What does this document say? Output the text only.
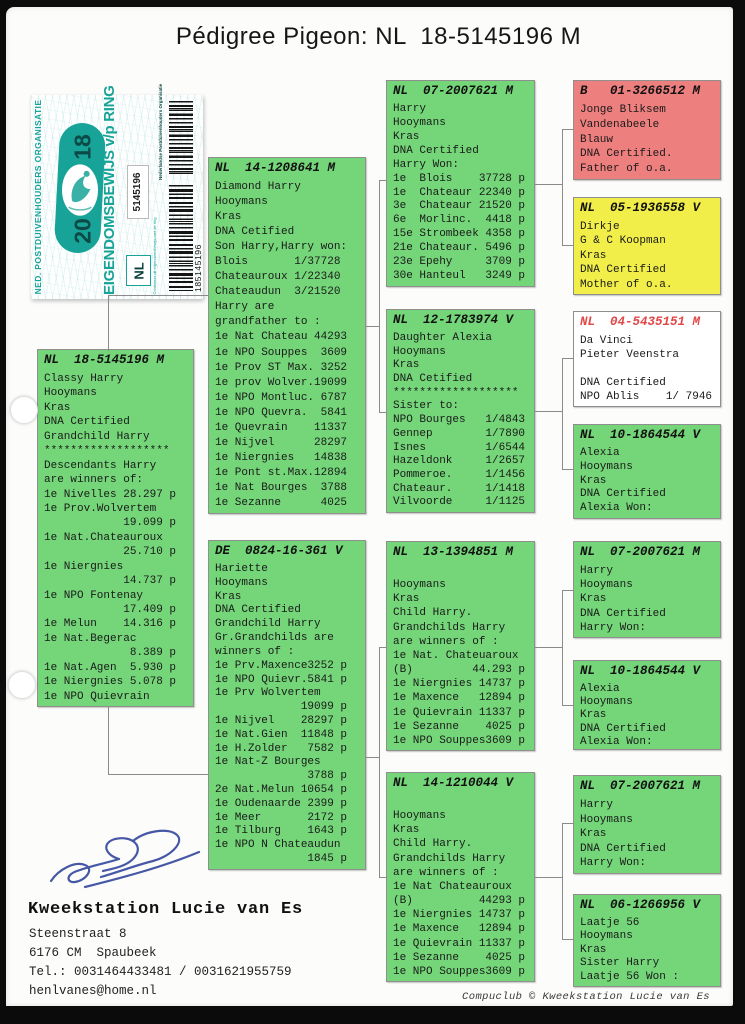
Pédigree Pigeon: NL  18-5145196 M
NED. POSTDUIVENHOUDERS ORGANISATIE 18
20 EIGENDOMSBEWIJS v/p RING	Nederlandse Postduivenhouders Organisatie
5145196
NL Controleer dit eigendomsbewijs met de ring	185145196
NL  18-5145196 M
Classy Harry
Hooymans
Kras
DNA Certified
Grandchild Harry
*******************
Descendants Harry
are winners of:
1e Nivelles 28.297 p
1e Prov.Wolvertem
19.099 p
1e Nat.Chateauroux
25.710 p
1e Niergnies
14.737 p
1e NPO Fontenay
17.409 p
1e Melun    14.316 p
1e Nat.Begerac
8.389 p
1e Nat.Agen  5.930 p
1e Niergnies 5.078 p
1e NPO Quievrain
NL  14-1208641 M
Diamond Harry
Hooymans
Kras
DNA Cetified
Son Harry,Harry won:
Blois       1/37728
Chateauroux 1/22340
Chateaudun  3/21520
Harry are
grandfather to :
1e Nat Chateau 44293
1e NPO Souppes  3609
1e Prov ST Max. 3252
1e prov Wolver.19099
1e NPO Montluc. 6787
1e NPO Quevra.  5841
1e Quevrain    11337
1e Nijvel      28297
1e Niergnies   14838
1e Pont st.Max.12894
1e Nat Bourges  3788
1e Sezanne      4025
DE  0824-16-361 V
Hariette
Hooymans
Kras
DNA Certified
Grandchild Harry
Gr.Grandchilds are
winners of :
1e Prv.Maxence3252 p
1e NPO Quievr.5841 p
1e Prv Wolvertem
19099 p
1e Nijvel    28297 p
1e Nat.Gien  11848 p
1e H.Zolder   7582 p
1e Nat-Z Bourges
3788 p
2e Nat.Melun 10654 p
1e Oudenaarde 2399 p
1e Meer       2172 p
1e Tilburg    1643 p
1e NPO N Chateaudun
1845 p
NL  07-2007621 M
Harry
Hooymans
Kras
DNA Certified
Harry Won:
1e  Blois    37728 p
1e  Chateaur 22340 p
3e  Chateaur 21520 p
6e  Morlinc.  4418 p
15e Strombeek 4358 p
21e Chateaur. 5496 p
23e Epehy     3709 p
30e Hanteul   3249 p
NL  12-1783974 V
Daughter Alexia
Hooymans
Kras
DNA Cetified
*******************
Sister to:
NPO Bourges   1/4843
Gennep        1/7890
Isnes         1/6544
Hazeldonk     1/2657
Pommeroe.     1/1456
Chateaur.     1/1418
Vilvoorde     1/1125
NL  13-1394851 M

Hooymans
Kras
Child Harry.
Grandchilds Harry
are winners of :
1e Nat. Chateuaroux
(B)         44.293 p
1e Niergnies 14737 p
1e Maxence   12894 p
1e Quievrain 11337 p
1e Sezanne    4025 p
1e NPO Souppes3609 p
NL  14-1210044 V

Hooymans
Kras
Child Harry.
Grandchilds Harry
are winners of :
1e Nat Chateauroux
(B)          44293 p
1e Niergnies 14737 p
1e Maxence   12894 p
1e Quievrain 11337 p
1e Sezanne    4025 p
1e NPO Souppes3609 p
B   01-3266512 M
Jonge Bliksem
Vandenabeele
Blauw
DNA Certified.
Father of o.a.
NL  05-1936558 V
Dirkje
G & C Koopman
Kras
DNA Certified
Mother of o.a.
NL  04-5435151 M
Da Vinci
Pieter Veenstra

DNA Certified
NPO Ablis    1/ 7946
NL  10-1864544 V
Alexia
Hooymans
Kras
DNA Certified
Alexia Won:
NL  07-2007621 M
Harry
Hooymans
Kras
DNA Certified
Harry Won:
NL  10-1864544 V
Alexia
Hooymans
Kras
DNA Certified
Alexia Won:
NL  07-2007621 M
Harry
Hooymans
Kras
DNA Certified
Harry Won:
NL  06-1266956 V
Laatje 56
Hooymans
Kras
Sister Harry
Laatje 56 Won :
Kweekstation Lucie van Es
Steenstraat 8
6176 CM  Spaubeek
Tel.: 0031464433481 / 0031621955759
henlvanes@home.nl	Compuclub © Kweekstation Lucie van Es
